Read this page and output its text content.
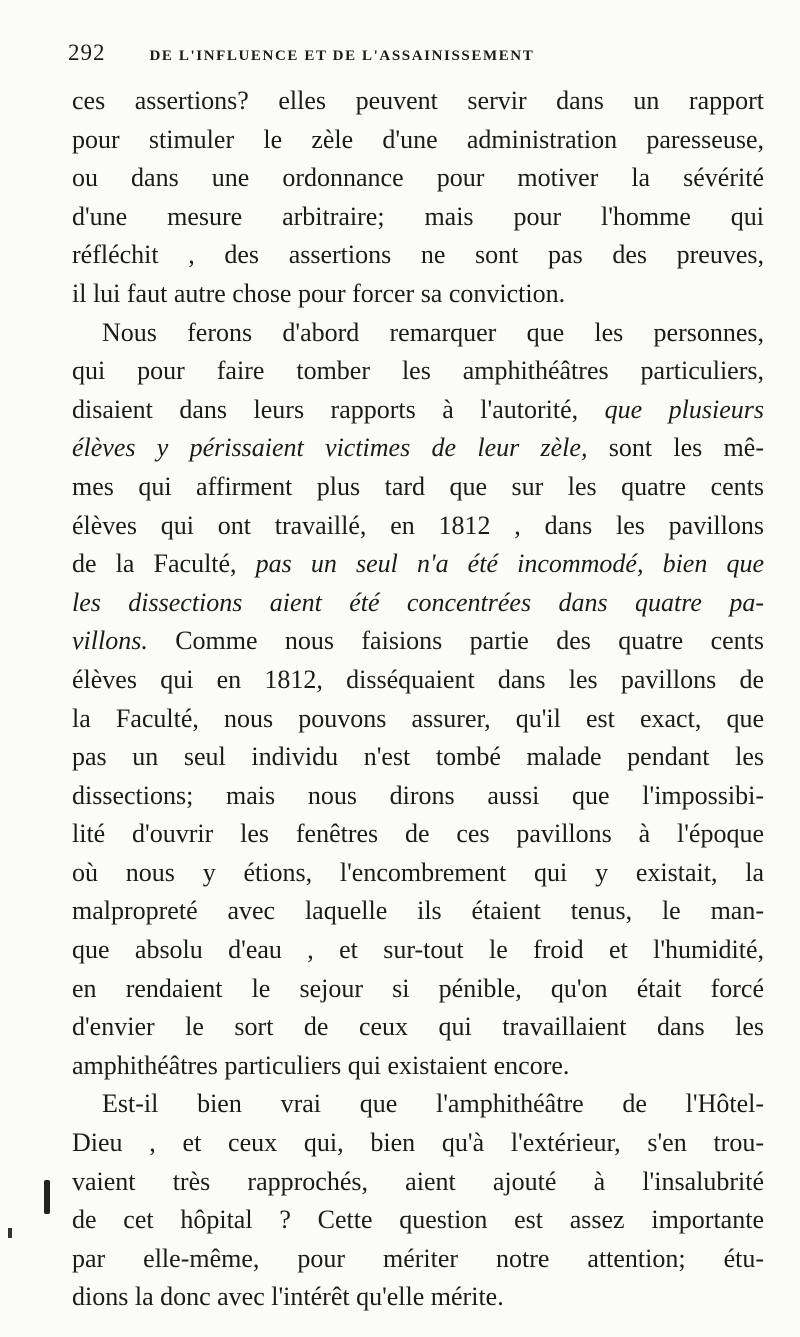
292	DE L'INFLUENCE ET DE L'ASSAINISSEMENT
ces assertions? elles peuvent servir dans un rapport
pour stimuler le zèle d'une administration paresseuse,
ou dans une ordonnance pour motiver la sévérité
d'une mesure arbitraire; mais pour l'homme qui
réfléchit , des assertions ne sont pas des preuves,
il lui faut autre chose pour forcer sa conviction.
Nous ferons d'abord remarquer que les personnes,
qui pour faire tomber les amphithéâtres particuliers,
disaient dans leurs rapports à l'autorité, que plusieurs
élèves y périssaient victimes de leur zèle, sont les mê-
mes qui affirment plus tard que sur les quatre cents
élèves qui ont travaillé, en 1812 , dans les pavillons
de la Faculté, pas un seul n'a été incommodé, bien que
les dissections aient été concentrées dans quatre pa-
villons. Comme nous faisions partie des quatre cents
élèves qui en 1812, disséquaient dans les pavillons de
la Faculté, nous pouvons assurer, qu'il est exact, que
pas un seul individu n'est tombé malade pendant les
dissections; mais nous dirons aussi que l'impossibi-
lité d'ouvrir les fenêtres de ces pavillons à l'époque
où nous y étions, l'encombrement qui y existait, la
malpropreté avec laquelle ils étaient tenus, le man-
que absolu d'eau , et sur-tout le froid et l'humidité,
en rendaient le sejour si pénible, qu'on était forcé
d'envier le sort de ceux qui travaillaient dans les
amphithéâtres particuliers qui existaient encore.
Est-il bien vrai que l'amphithéâtre de l'Hôtel-
Dieu , et ceux qui, bien qu'à l'extérieur, s'en trou-
vaient très rapprochés, aient ajouté à l'insalubrité
de cet hôpital ? Cette question est assez importante
par elle-même, pour mériter notre attention; étu-
dions la donc avec l'intérêt qu'elle mérite.
